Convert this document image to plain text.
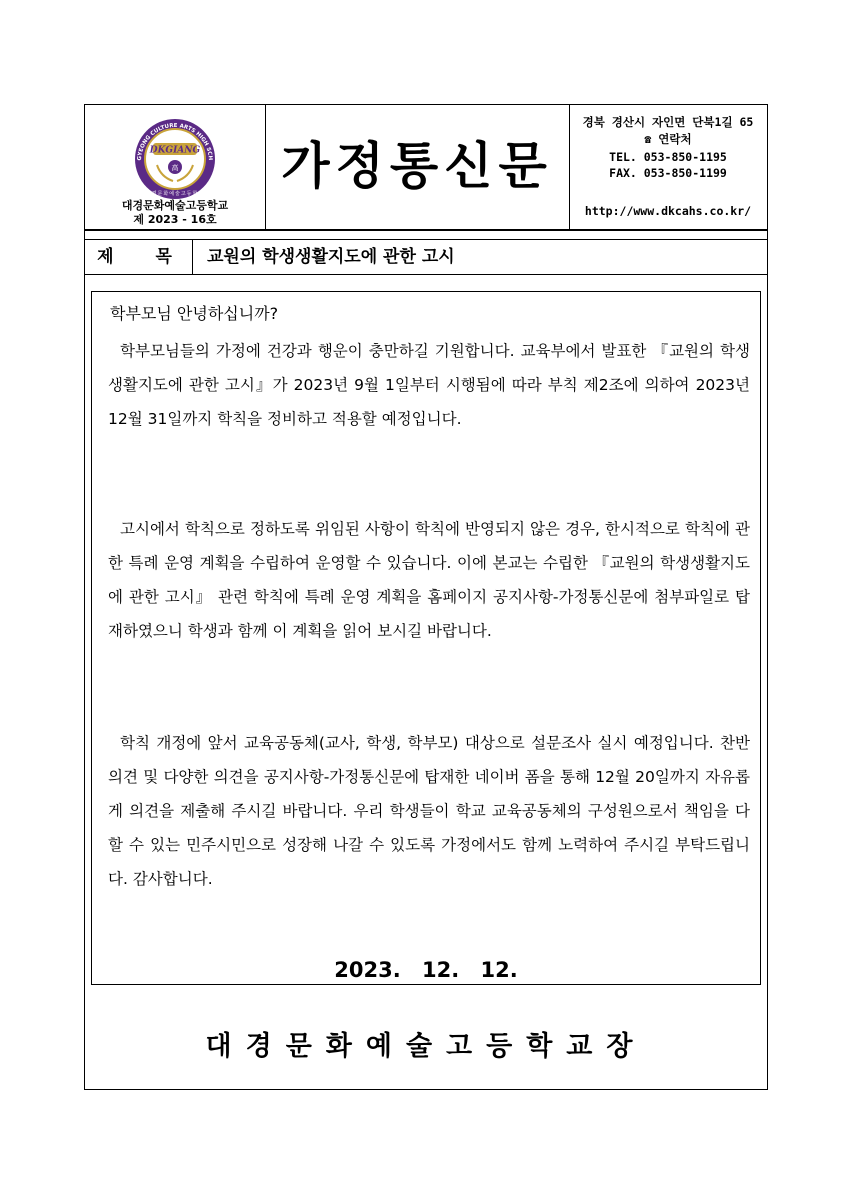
GYEONG CULTURE ARTS HIGH SCH
DKGIANG
高
대경문화예술고등학교
대경문화예술고등학교
제 2023 - 16호
가정통신문
경북 경산시 자인면 단북1길 65
☎ 연락처
TEL. 053-850-1195
FAX. 053-850-1199
http://www.dkcahs.co.kr/
제 목 교원의 학생생활지도에 관한 고시
학부모님 안녕하십니까?

학부모님들의 가정에 건강과 행운이 충만하길 기원합니다. 교육부에서 발표한 『교원의 학생생활지도에 관한 고시』가 2023년 9월 1일부터 시행됨에 따라 부칙 제2조에 의하여 2023년 12월 31일까지 학칙을 정비하고 적용할 예정입니다.

고시에서 학칙으로 정하도록 위임된 사항이 학칙에 반영되지 않은 경우, 한시적으로 학칙에 관한 특례 운영 계획을 수립하여 운영할 수 있습니다. 이에 본교는 수립한 『교원의 학생생활지도에 관한 고시』 관련 학칙에 특례 운영 계획을 홈페이지 공지사항-가정통신문에 첨부파일로 탑재하였으니 학생과 함께 이 계획을 읽어 보시길 바랍니다.

학칙 개정에 앞서 교육공동체(교사, 학생, 학부모) 대상으로 설문조사 실시 예정입니다. 찬반 의견 및 다양한 의견을 공지사항-가정통신문에 탑재한 네이버 폼을 통해 12월 20일까지 자유롭게 의견을 제출해 주시길 바랍니다. 우리 학생들이 학교 교육공동체의 구성원으로서 책임을 다할 수 있는 민주시민으로 성장해 나갈 수 있도록 가정에서도 함께 노력하여 주시길 부탁드립니다. 감사합니다.

2023. 12. 12.
대경문화예술고등학교장
